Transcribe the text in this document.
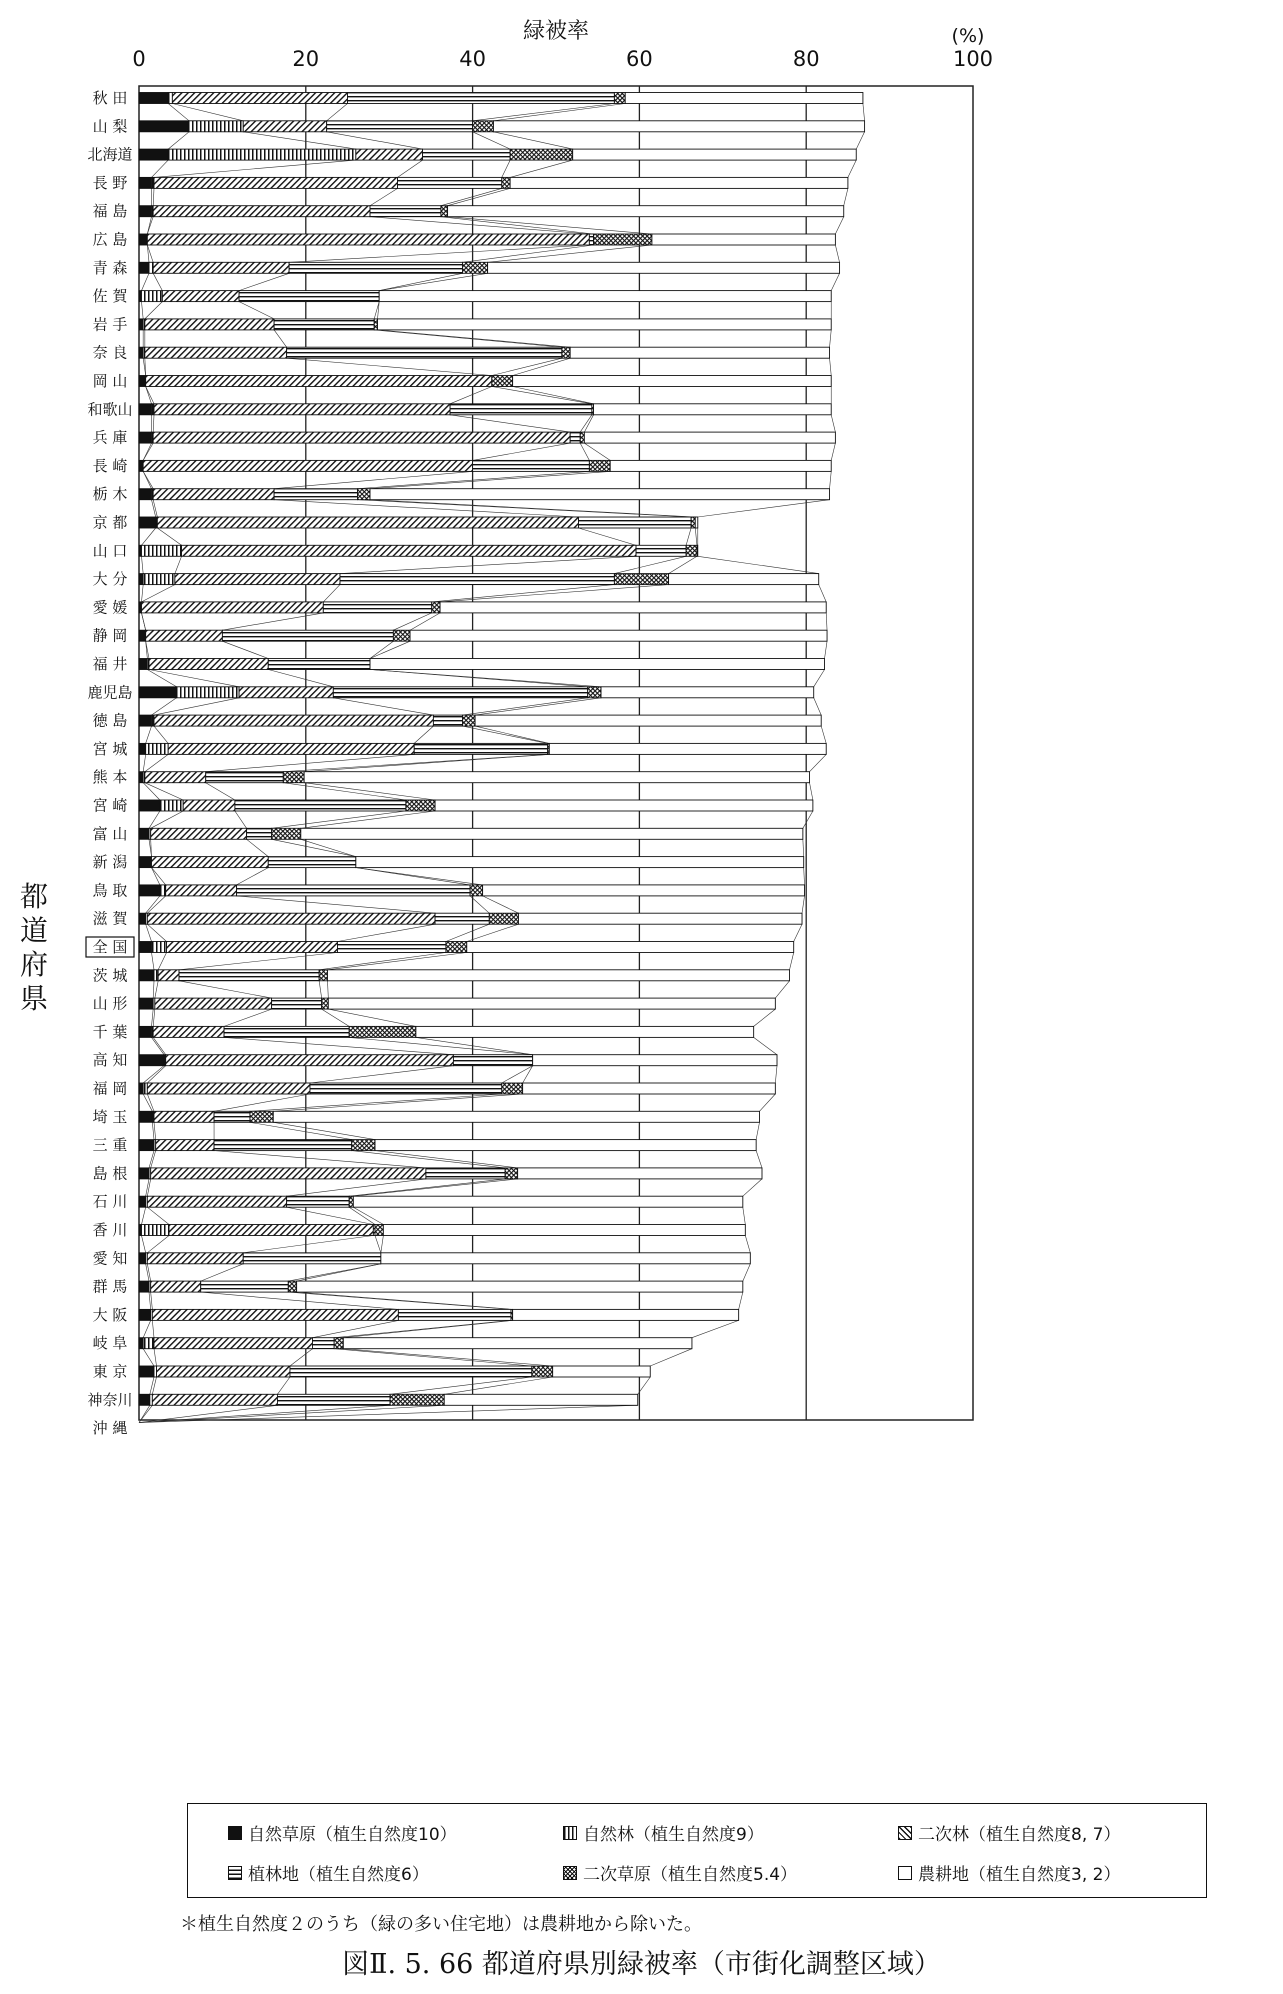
0	20	40	60	80	100
緑被率	(%)
秋 田
山 梨
北海道
長 野
福 島
広 島
青 森
佐 賀
岩 手
奈 良
岡 山
和歌山
兵 庫
長 崎
栃 木
京 都
山 口
大 分
愛 媛
静 岡
福 井
鹿児島
徳 島
宮 城
熊 本
宮 崎
富 山
新 潟
鳥 取
滋 賀
全 国
茨 城
山 形
千 葉
高 知
福 岡
埼 玉
三 重
島 根
石 川
香 川
愛 知
群 馬
大 阪
岐 阜
東 京
神奈川
沖 縄
都
道
府
県
自然草原（植生自然度10）	自然林（植生自然度9）	二次林（植生自然度8, 7）
植林地（植生自然度6）	二次草原（植生自然度5.4）	農耕地（植生自然度3, 2）
＊植生自然度２のうち（緑の多い住宅地）は農耕地から除いた。
図Ⅱ. 5. 66 都道府県別緑被率（市街化調整区域）
